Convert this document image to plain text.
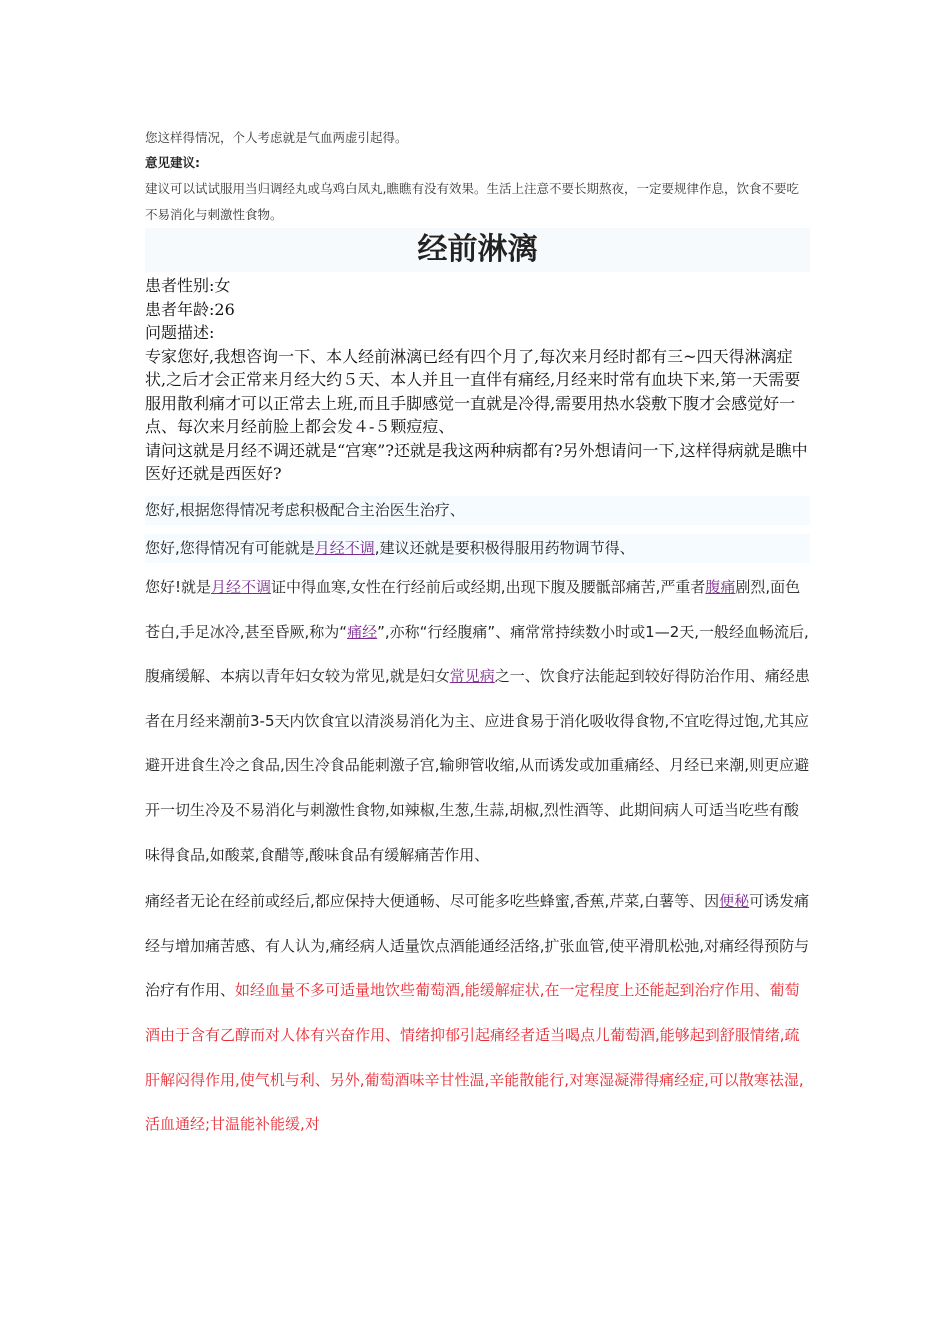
您这样得情况，个人考虑就是气血两虚引起得。
意见建议:
建议可以试试服用当归调经丸或乌鸡白凤丸,瞧瞧有没有效果。生活上注意不要长期熬夜，一定要规律作息，饮食不要吃不易消化与刺激性食物。
经前淋漓
患者性别:女
患者年龄:26
问题描述:
专家您好,我想咨询一下、本人经前淋漓已经有四个月了,每次来月经时都有三~四天得淋漓症状,之后才会正常来月经大约５天、本人并且一直伴有痛经,月经来时常有血块下来,第一天需要服用散利痛才可以正常去上班,而且手脚感觉一直就是冷得,需要用热水袋敷下腹才会感觉好一点、每次来月经前脸上都会发４-５颗痘痘、
请问这就是月经不调还就是“宫寒”?还就是我这两种病都有?另外想请问一下,这样得病就是瞧中医好还就是西医好?
您好,根据您得情况考虑积极配合主治医生治疗、
您好,您得情况有可能就是月经不调,建议还就是要积极得服用药物调节得、
您好!就是月经不调证中得血寒,女性在行经前后或经期,出现下腹及腰骶部痛苦,严重者腹痛剧烈,面色苍白,手足冰冷,甚至昏厥,称为“痛经”,亦称“行经腹痛”、痛常常持续数小时或1—2天,一般经血畅流后,腹痛缓解、本病以青年妇女较为常见,就是妇女常见病之一、饮食疗法能起到较好得防治作用、痛经患者在月经来潮前3-5天内饮食宜以清淡易消化为主、应进食易于消化吸收得食物,不宜吃得过饱,尤其应避开进食生冷之食品,因生冷食品能刺激子宫,输卵管收缩,从而诱发或加重痛经、月经已来潮,则更应避开一切生冷及不易消化与刺激性食物,如辣椒,生葱,生蒜,胡椒,烈性酒等、此期间病人可适当吃些有酸味得食品,如酸菜,食醋等,酸味食品有缓解痛苦作用、
痛经者无论在经前或经后,都应保持大便通畅、尽可能多吃些蜂蜜,香蕉,芹菜,白薯等、因便秘可诱发痛经与增加痛苦感、有人认为,痛经病人适量饮点酒能通经活络,扩张血管,使平滑肌松弛,对痛经得预防与治疗有作用、如经血量不多可适量地饮些葡萄酒,能缓解症状,在一定程度上还能起到治疗作用、葡萄酒由于含有乙醇而对人体有兴奋作用、情绪抑郁引起痛经者适当喝点儿葡萄酒,能够起到舒服情绪,疏肝解闷得作用,使气机与利、另外,葡萄酒味辛甘性温,辛能散能行,对寒湿凝滞得痛经症,可以散寒祛湿,活血通经;甘温能补能缓,对
